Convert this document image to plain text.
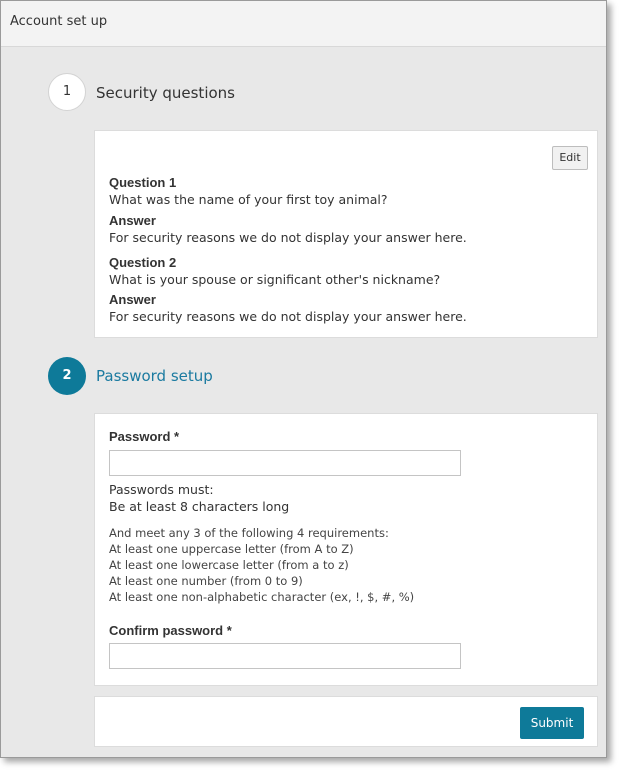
Account set up
1	Security questions
Edit
Question 1
What was the name of your first toy animal?
Answer
For security reasons we do not display your answer here.
Question 2
What is your spouse or significant other's nickname?
Answer
For security reasons we do not display your answer here.
2	Password setup
Password *
Passwords must:
Be at least 8 characters long
And meet any 3 of the following 4 requirements:
At least one uppercase letter (from A to Z)
At least one lowercase letter (from a to z)
At least one number (from 0 to 9)
At least one non-alphabetic character (ex, !, $, #, %)
Confirm password *
Submit
